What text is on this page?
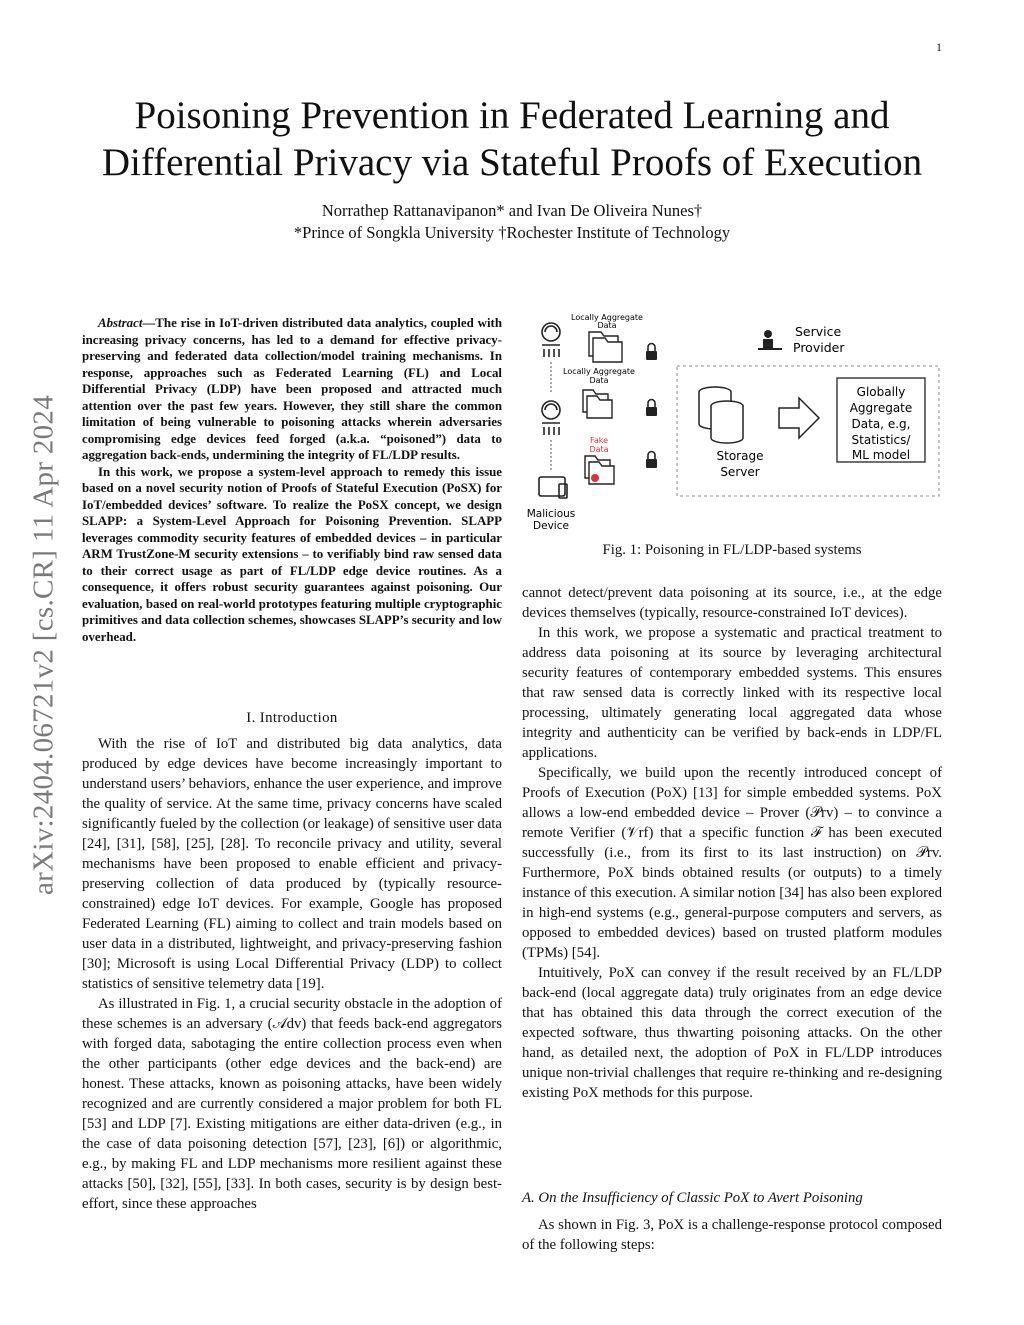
1
Poisoning Prevention in Federated Learning and
Differential Privacy via Stateful Proofs of Execution
Norrathep Rattanavipanon* and Ivan De Oliveira Nunes†
*Prince of Songkla University †Rochester Institute of Technology
arXiv:2404.06721v2 [cs.CR] 11 Apr 2024

Abstract—The rise in IoT-driven distributed data analytics, coupled with increasing privacy concerns, has led to a demand for effective privacy-preserving and federated data collection/model training mechanisms. In response, approaches such as Federated Learning (FL) and Local Differential Privacy (LDP) have been proposed and attracted much attention over the past few years. However, they still share the common limitation of being vulnerable to poisoning attacks wherein adversaries compromising edge devices feed forged (a.k.a. “poisoned”) data to aggregation back-ends, undermining the integrity of FL/LDP results.

In this work, we propose a system-level approach to remedy this issue based on a novel security notion of Proofs of Stateful Execution (PoSX) for IoT/embedded devices’ software. To realize the PoSX concept, we design SLAPP: a System-Level Approach for Poisoning Prevention. SLAPP leverages commodity security features of embedded devices – in particular ARM TrustZone-M security extensions – to verifiably bind raw sensed data to their correct usage as part of FL/LDP edge device routines. As a consequence, it offers robust security guarantees against poisoning. Our evaluation, based on real-world prototypes featuring multiple cryptographic primitives and data collection schemes, showcases SLAPP’s security and low overhead.

I. Introduction

With the rise of IoT and distributed big data analytics, data produced by edge devices have become increasingly important to understand users’ behaviors, enhance the user experience, and improve the quality of service. At the same time, privacy concerns have scaled significantly fueled by the collection (or leakage) of sensitive user data [24], [31], [58], [25], [28]. To reconcile privacy and utility, several mechanisms have been proposed to enable efficient and privacy-preserving collection of data produced by (typically resource-constrained) edge IoT devices. For example, Google has proposed Federated Learning (FL) aiming to collect and train models based on user data in a distributed, lightweight, and privacy-preserving fashion [30]; Microsoft is using Local Differential Privacy (LDP) to collect statistics of sensitive telemetry data [19].

As illustrated in Fig. 1, a crucial security obstacle in the adoption of these schemes is an adversary (𝒜dv) that feeds back-end aggregators with forged data, sabotaging the entire collection process even when the other participants (other edge devices and the back-end) are honest. These attacks, known as poisoning attacks, have been widely recognized and are currently considered a major problem for both FL [53] and LDP [7]. Existing mitigations are either data-driven (e.g., in the case of data poisoning detection [57], [23], [6]) or algorithmic, e.g., by making FL and LDP mechanisms more resilient against these attacks [50], [32], [55], [33]. In both cases, security is by design best-effort, since these approaches

Malicious
Device
Locally Aggregate
Data
Locally Aggregate
Data
Fake
Data
Service
Provider
Storage
Server
Globally
Aggregate
Data, e.g,
Statistics/
ML model
Fig. 1: Poisoning in FL/LDP-based systems

cannot detect/prevent data poisoning at its source, i.e., at the edge devices themselves (typically, resource-constrained IoT devices).

In this work, we propose a systematic and practical treatment to address data poisoning at its source by leveraging architectural security features of contemporary embedded systems. This ensures that raw sensed data is correctly linked with its respective local processing, ultimately generating local aggregated data whose integrity and authenticity can be verified by back-ends in LDP/FL applications.

Specifically, we build upon the recently introduced concept of Proofs of Execution (PoX) [13] for simple embedded systems. PoX allows a low-end embedded device – Prover (𝒫rv) – to convince a remote Verifier (𝒱rf) that a specific function ℱ has been executed successfully (i.e., from its first to its last instruction) on 𝒫rv. Furthermore, PoX binds obtained results (or outputs) to a timely instance of this execution. A similar notion [34] has also been explored in high-end systems (e.g., general-purpose computers and servers, as opposed to embedded devices) based on trusted platform modules (TPMs) [54].

Intuitively, PoX can convey if the result received by an FL/LDP back-end (local aggregate data) truly originates from an edge device that has obtained this data through the correct execution of the expected software, thus thwarting poisoning attacks. On the other hand, as detailed next, the adoption of PoX in FL/LDP introduces unique non-trivial challenges that require re-thinking and re-designing existing PoX methods for this purpose.

A. On the Insufficiency of Classic PoX to Avert Poisoning

As shown in Fig. 3, PoX is a challenge-response protocol composed of the following steps:
